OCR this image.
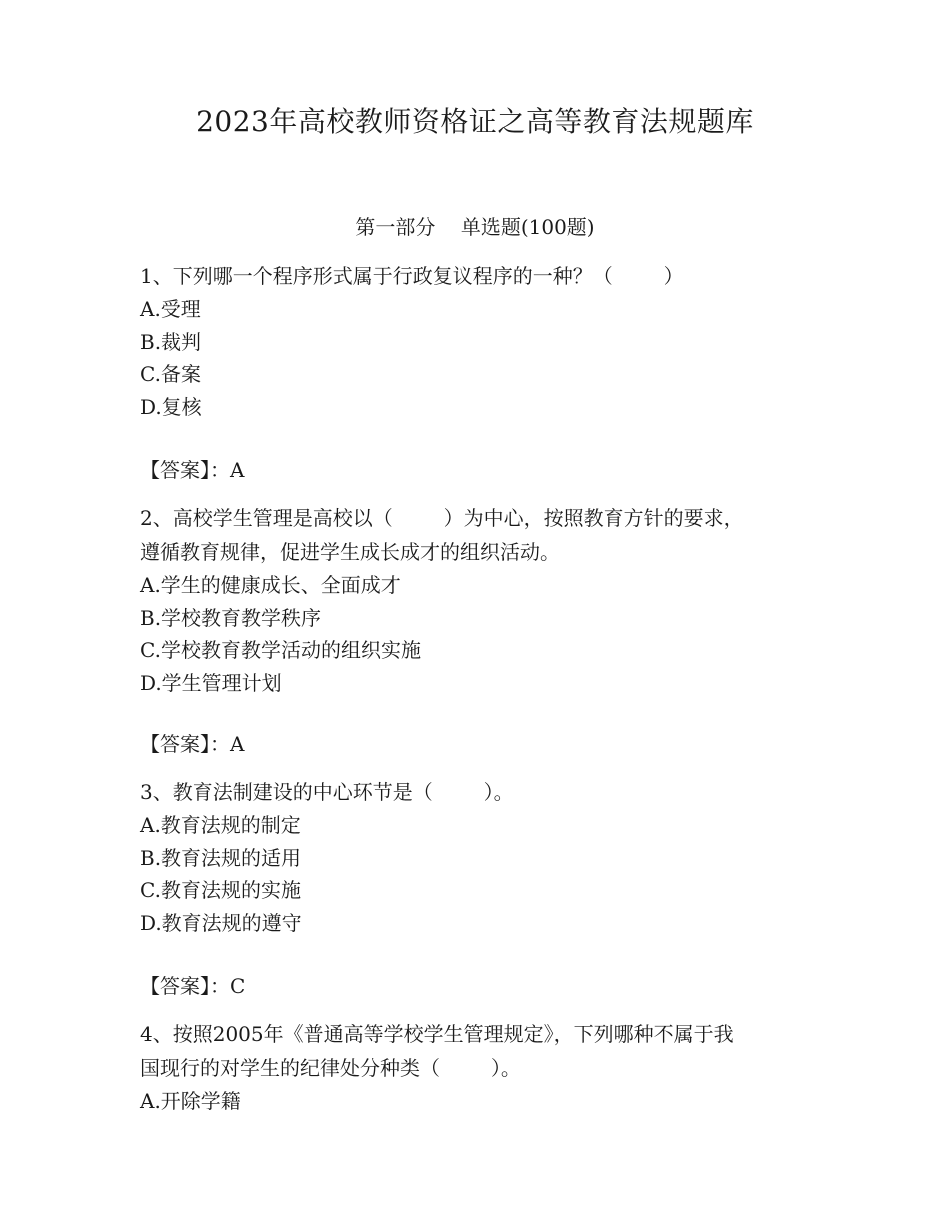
2023年高校教师资格证之高等教育法规题库
第一部分    单选题(100题)
1、下列哪一个程序形式属于行政复议程序的一种？（        ）
A.受理
B.裁判
C.备案
D.复核
【答案】：A
2、高校学生管理是高校以（        ）为中心，按照教育方针的要求，
遵循教育规律，促进学生成长成才的组织活动。
A.学生的健康成长、全面成才
B.学校教育教学秩序
C.学校教育教学活动的组织实施
D.学生管理计划
【答案】：A
3、教育法制建设的中心环节是（        ）。
A.教育法规的制定
B.教育法规的适用
C.教育法规的实施
D.教育法规的遵守
【答案】：C
4、按照2005年《普通高等学校学生管理规定》，下列哪种不属于我
国现行的对学生的纪律处分种类（        ）。
A.开除学籍
